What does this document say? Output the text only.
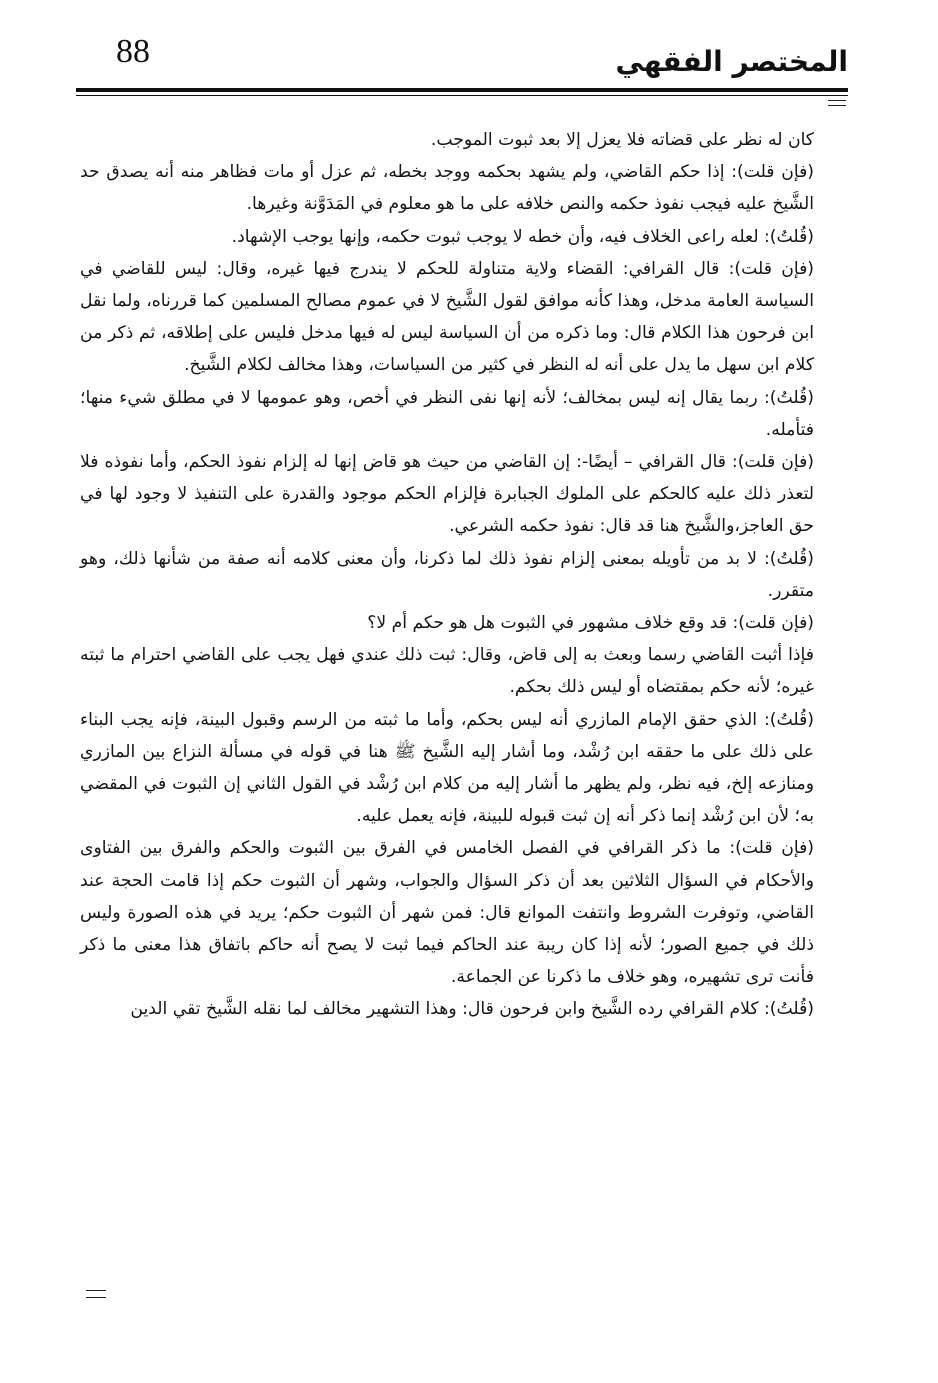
88	المختصر الفقهي

كان له نظر على قضاته فلا يعزل إلا بعد ثبوت الموجب.

(فإن قلت): إذا حكم القاضي، ولم يشهد بحكمه ووجد بخطه، ثم عزل أو مات فظاهر منه أنه يصدق حد الشَّيخ عليه فيجب نفوذ حكمه والنص خلافه على ما هو معلوم في المَدَوَّنة وغيرها.

(قُلتُ): لعله راعى الخلاف فيه، وأن خطه لا يوجب ثبوت حكمه، وإنها يوجب الإشهاد.

(فإن قلت): قال القرافي: القضاء ولاية متناولة للحكم لا يندرج فيها غيره، وقال: ليس للقاضي في السياسة العامة مدخل، وهذا كأنه موافق لقول الشَّيخ لا في عموم مصالح المسلمين كما قررناه، ولما نقل ابن فرحون هذا الكلام قال: وما ذكره من أن السياسة ليس له فيها مدخل فليس على إطلاقه، ثم ذكر من كلام ابن سهل ما يدل على أنه له النظر في كثير من السياسات، وهذا مخالف لكلام الشَّيخ.

(قُلتُ): ربما يقال إنه ليس بمخالف؛ لأنه إنها نفى النظر في أخص، وهو عمومها لا في مطلق شيء منها؛ فتأمله.

(فإن قلت): قال القرافي – أيضًا-: إن القاضي من حيث هو قاض إنها له إلزام نفوذ الحكم، وأما نفوذه فلا لتعذر ذلك عليه كالحكم على الملوك الجبابرة فإلزام الحكم موجود والقدرة على التنفيذ لا وجود لها في حق العاجز،والشَّيخ هنا قد قال: نفوذ حكمه الشرعي.

(قُلتُ): لا بد من تأويله بمعنى إلزام نفوذ ذلك لما ذكرنا، وأن معنى كلامه أنه صفة من شأنها ذلك، وهو متقرر.

(فإن قلت): قد وقع خلاف مشهور في الثبوت هل هو حكم أم لا؟

فإذا أثبت القاضي رسما وبعث به إلى قاض، وقال: ثبت ذلك عندي فهل يجب على القاضي احترام ما ثبته غيره؛ لأنه حكم بمقتضاه أو ليس ذلك بحكم.

(قُلتُ): الذي حقق الإمام المازري أنه ليس بحكم، وأما ما ثبته من الرسم وقبول البينة، فإنه يجب البناء على ذلك على ما حققه ابن رُشْد، وما أشار إليه الشَّيخ ﷺ هنا في قوله في مسألة النزاع بين المازري ومنازعه إلخ، فيه نظر، ولم يظهر ما أشار إليه من كلام ابن رُشْد في القول الثاني إن الثبوت في المقضي به؛ لأن ابن رُشْد إنما ذكر أنه إن ثبت قبوله للبينة، فإنه يعمل عليه.

(فإن قلت): ما ذكر القرافي في الفصل الخامس في الفرق بين الثبوت والحكم والفرق بين الفتاوى والأحكام في السؤال الثلاثين بعد أن ذكر السؤال والجواب، وشهر أن الثبوت حكم إذا قامت الحجة عند القاضي، وتوفرت الشروط وانتفت الموانع قال: فمن شهر أن الثبوت حكم؛ يريد في هذه الصورة وليس ذلك في جميع الصور؛ لأنه إذا كان ريبة عند الحاكم فيما ثبت لا يصح أنه حاكم باتفاق هذا معنى ما ذكر فأنت ترى تشهيره، وهو خلاف ما ذكرنا عن الجماعة.

(قُلتُ): كلام القرافي رده الشَّيخ وابن فرحون قال: وهذا التشهير مخالف لما نقله الشَّيخ تقي الدين
